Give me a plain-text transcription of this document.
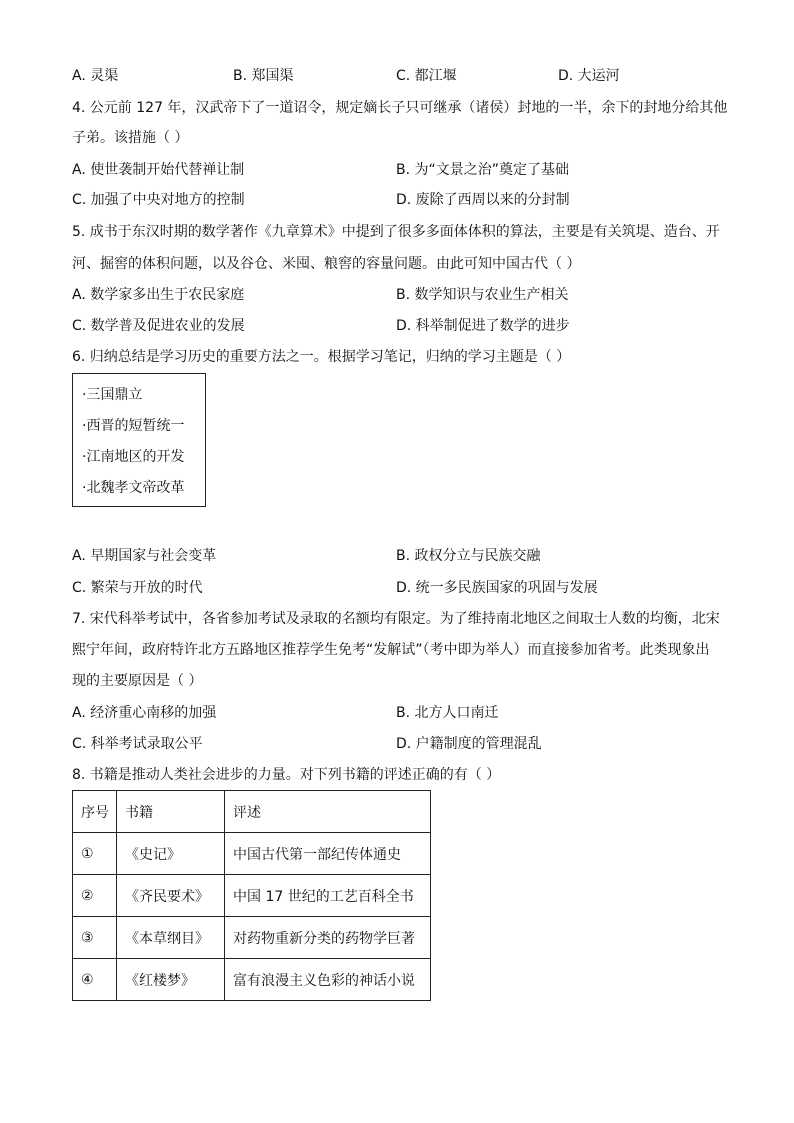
A. 灵渠	B. 郑国渠	C. 都江堰	D. 大运河
4. 公元前 127 年，汉武帝下了一道诏令，规定嫡长子只可继承（诸侯）封地的一半，余下的封地分给其他
子弟。该措施（ ）
A. 使世袭制开始代替禅让制	B. 为“文景之治”奠定了基础
C. 加强了中央对地方的控制	D. 废除了西周以来的分封制
5. 成书于东汉时期的数学著作《九章算术》中提到了很多多面体体积的算法，主要是有关筑堤、造台、开
河、掘窖的体积问题，以及谷仓、米囤、粮窖的容量问题。由此可知中国古代（ ）
A. 数学家多出生于农民家庭	B. 数学知识与农业生产相关
C. 数学普及促进农业的发展	D. 科举制促进了数学的进步
6. 归纳总结是学习历史的重要方法之一。根据学习笔记，归纳的学习主题是（ ）
·三国鼎立
·西晋的短暂统一
·江南地区的开发
·北魏孝文帝改革
A. 早期国家与社会变革	B. 政权分立与民族交融
C. 繁荣与开放的时代	D. 统一多民族国家的巩固与发展
7. 宋代科举考试中，各省参加考试及录取的名额均有限定。为了维持南北地区之间取士人数的均衡，北宋
熙宁年间，政府特许北方五路地区推荐学生免考“发解试”（考中即为举人）而直接参加省考。此类现象出
现的主要原因是（ ）
A. 经济重心南移的加强	B. 北方人口南迁
C. 科举考试录取公平	D. 户籍制度的管理混乱
8. 书籍是推动人类社会进步的力量。对下列书籍的评述正确的有（ ）
序号	书籍	评述
①	《史记》	中国古代第一部纪传体通史
②	《齐民要术》	中国 17 世纪的工艺百科全书
③	《本草纲目》	对药物重新分类的药物学巨著
④	《红楼梦》	富有浪漫主义色彩的神话小说
